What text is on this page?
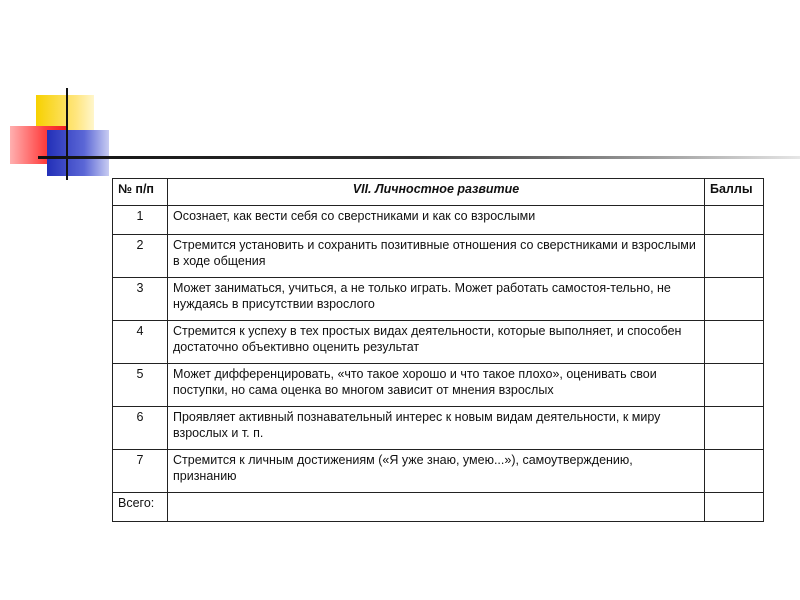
№ п/п	VII. Личностное развитие	Баллы
1	Осознает, как вести себя со сверстниками и как со взрослыми	
2	Стремится установить и сохранить позитивные отношения со сверстниками и взрослыми в ходе общения	
3	Может заниматься, учиться, а не только играть. Может работать самостоя-тельно, не нуждаясь в присутствии взрослого	
4	Стремится к успеху в тех простых видах деятельности, которые выполняет, и способен достаточно объективно оценить результат	
5	Может дифференцировать, «что такое хорошо и что такое плохо», оценивать свои поступки, но сама оценка во многом зависит от мнения взрослых	
6	Проявляет активный познавательный интерес к новым видам деятельности, к миру взрослых и т. п.	
7	Стремится к личным достижениям («Я уже знаю, умею...»), самоутверждению, признанию	
Всего:		
